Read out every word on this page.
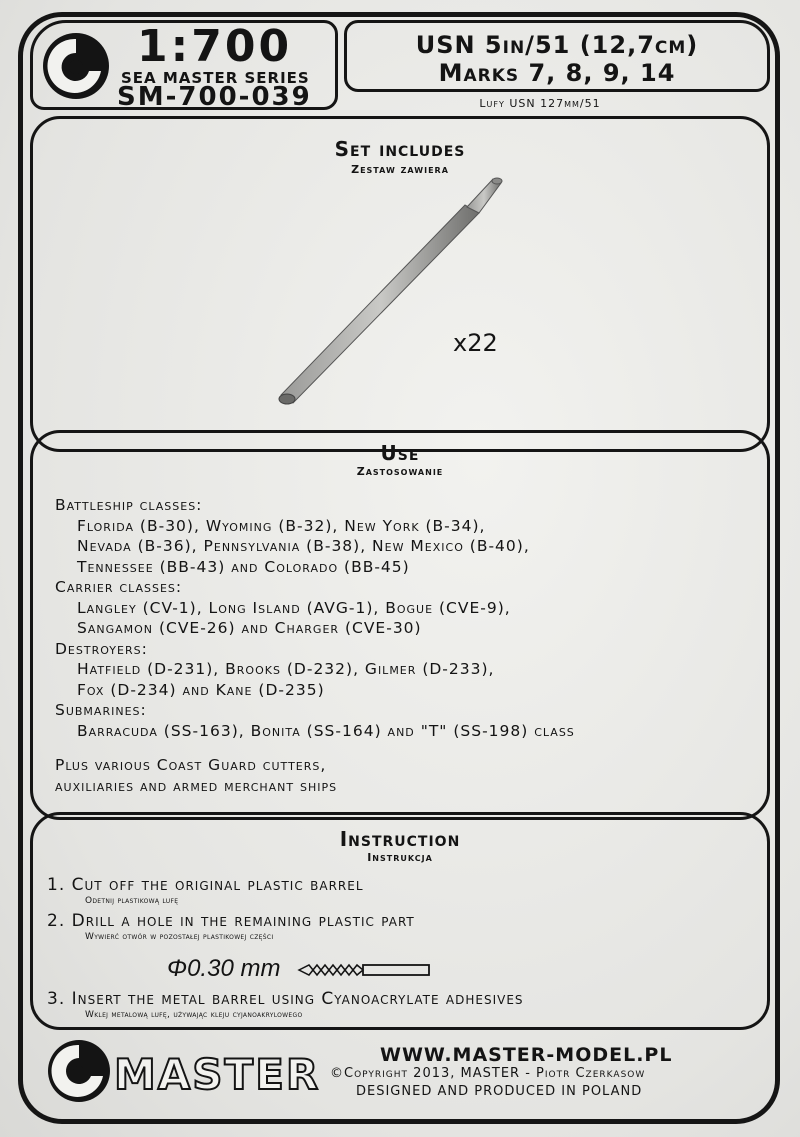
1:700
SEA MASTER SERIES
SM-700-039
USN 5in/51 (12,7cm)
Marks 7, 8, 9, 14
Lufy USN 127mm/51
Set includes
Zestaw zawiera
x22
Use
Zastosowanie
Battleship classes:
Florida (B-30), Wyoming (B-32), New York (B-34),
Nevada (B-36), Pennsylvania (B-38), New Mexico (B-40),
Tennessee (BB-43) and Colorado (BB-45)
Carrier classes:
Langley (CV-1), Long Island (AVG-1), Bogue (CVE-9),
Sangamon (CVE-26) and Charger (CVE-30)
Destroyers:
Hatfield (D-231), Brooks (D-232), Gilmer (D-233),
Fox (D-234) and Kane (D-235)
Submarines:
Barracuda (SS-163), Bonita (SS-164) and "T" (SS-198) class
Plus various Coast Guard cutters,
auxiliaries and armed merchant ships
Instruction
Instrukcja
1. Cut off the original plastic barrel
Odetnij plastikową lufę
2. Drill a hole in the remaining plastic part
Wywierć otwór w pozostałej plastikowej części
Φ0.30 mm
3. Insert the metal barrel using Cyanoacrylate adhesives
Wklej metalową lufę, używając kleju cyjanoakrylowego
MASTER	WWW.MASTER-MODEL.PL
©Copyright 2013, MASTER - Piotr Czerkasow
DESIGNED AND PRODUCED IN POLAND
